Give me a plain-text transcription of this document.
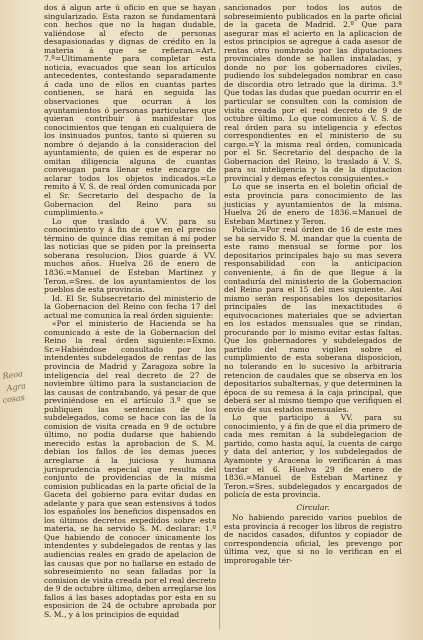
Reoa
Agra
cosas

dos á algun arte ú oficio en que se hayan singularizado. Esta razon se fundamentará con hechos que no la hagan dudable, valiéndose al efecto de personas desapasionadas y dignas de crédito en la materia á que se refieran.=Art. 7.º=Ultimamente para completar esta noticia, evacuados que sean los artículos antecedentes, contestando separadamente á cada uno de ellos en cuantas partes contienen, se hará en seguida las observaciones que ocurran á los ayuntamientos ó personas particulares que quieran contribuir á manifestar los conocimientos que tengan en cualquiera de los insinuados puntos, tanto si quieren su nombre ó dejando á la consideracion del ayuntamiento, de quien es de esperar no omitan diligencia alguna de cuantas conveugan para llenar este encargo de aclarar todos los objetos indicados.=Lo remito á V. S. de real órden comunicada por el Sr. Secretario del despacho de la Gobernacion del Reino para su cumplimiento.»

Lo que traslado á VV. para su conocimiento y á fin de que en el preciso término de quince dias remitan á mí poder las noticias que se piden por la preinserta soberana resolucion. Dios guarde á VV. muchos años. Huelva 26 de enero de 1836.=Manuel de Esteban Martinez y Teron.=Sres. de los ayuntamientos de los pueblos de esta provincia.

Id. El Sr. Subsecretario del ministerio de la Gobernacion del Reino con fecha 17 del actual me comunica la real órden siguiente:

«Por el ministerio de Hacienda se ha comunicado á este de la Gobernacion del Reino la real órden siguiente:=Exmo. Sr.=Habiéndose consultado por los intendentes subdelegados de rentas de las provincia de Madrid y Zaragoza sobre la inteligencia del real decreto de 27 de noviembre último para la sustanciacion de las causas de contrabando, yá pesar de que previniéndose en el artículo 3.º que se publiquen las sentencias de los subdelegados, como se hace con las de la comision de visita creada en 9 de octubre último, no podia dudarse que habiendo merecido estas la aprobacion de S. M. debian los fallos de los demas jueces arreglarse á la juiciosa y humana jurisprudencia especial que resulta del conjunto de providencias de la misma comision publicadas en la parte oficial de la Gaceta del gobierno para evitar dudas en adelante y para que sean estensivos á todos los españoles los beneficios dispensados en los últimos decretos expedidos sobre esta materia, se ha servido S. M. declarar: 1.º Que habiendo de conocer únicamente los intendentes y subdelegados de rentas y las audiencias reales en grado de apelacion de las causas que por no hallarse en estado de sobreseimiento no sean falladas por la comision de visita creada por el real decreto de 9 de octubre último, deben arreglarse los fallos á las bases adoptadas por esta en su esposicion de 24 de octubre aprobada por S. M., y á los principios de equidad

sancionados por todos los autos de sobreseimiento publicados en la parte oficial de la gaceta de Madrid. 2.º Que para asegurar mas el acierto en la aplicacion de estos principios se agregue á cada asesor de rentas otro nombrado por las diputaciones provinciales donde se hallen instaladas, y donde no por los gobernadores civiles, pudiendo los subdelegados nombrar en caso de discordia otro letrado que la dirima. 3.º Que todas las dudas que puedan ocurrir en el particular se consulten con la comision de visita creada por el real decreto de 9 de octubre último. Lo que comunico á V. S. de real órden para su inteligencia y efectos correspondientes en el ministerio de su cargo.=Y la misma real órden, comunicada por el Sr. Secretario del despacho de la Gobernacion del Reino, lo traslado á V. S. para su inteligencia y la de la diputacion provincial y demas efectos consiguientes.»

Lo que se inserta en el boletin oficial de esta provincia para conocimiento de las justicias y ayuntamientos de la misma. Huelva 26 de enero de 1836.=Manuel de Esteban Martinez y Teron.

Policía.=Por real órden de 16 de este mes se ha servido S. M. mandar que la cuenta de este ramo mensual se forme por los depositarios principales bajo su mas severa responsabilidad con la anticipacion conveniente, á fin de que llegue á la contaduría del ministerio de la Gobernacion del Reino para el 15 del mes siguiente. Así mismo serán responsables los depositarios principales de las inexactitudes ó equivocaciones materiales que se adviertan en los estados mensuales que se rindan, procurando por lo mismo evitar estas faltas. Que los gobernadores y subdelegados de partido del ramo vigilen sobre el cumplimiento de esta soberana disposicion, no tolerando en lo sucesivo la arbitraria retencion de caudales que se observa en los depositarios subalternas, y que determinen la época de su remesa á la caja principal, que deberá ser al mismo tiempo que verifiquen el envio de sus estados mensuales.

Lo que participo á VV. para su conocimiento, y á fin de que el dia primero de cada mes remitan á la subdelegacion de partido, como hasta aquí, la cuenta de cargo y data del anterior, y los subdelegados de Ayamonte y Aracena lo verificarán á mas tardar el 6. Huelva 29 de enero de 1836.=Manuel de Esteban Martinez y Teron.=Sres. subdelegados y encargados de policía de esta provincia.

Circular.

No habiendo parecido varios pueblos de esta provincia á recoger los libros de registro de nacidos casados, difuntos y copiador de correspondencia oficial, les prevengo por última vez, que si no lo verifican en el improrogable tér-
